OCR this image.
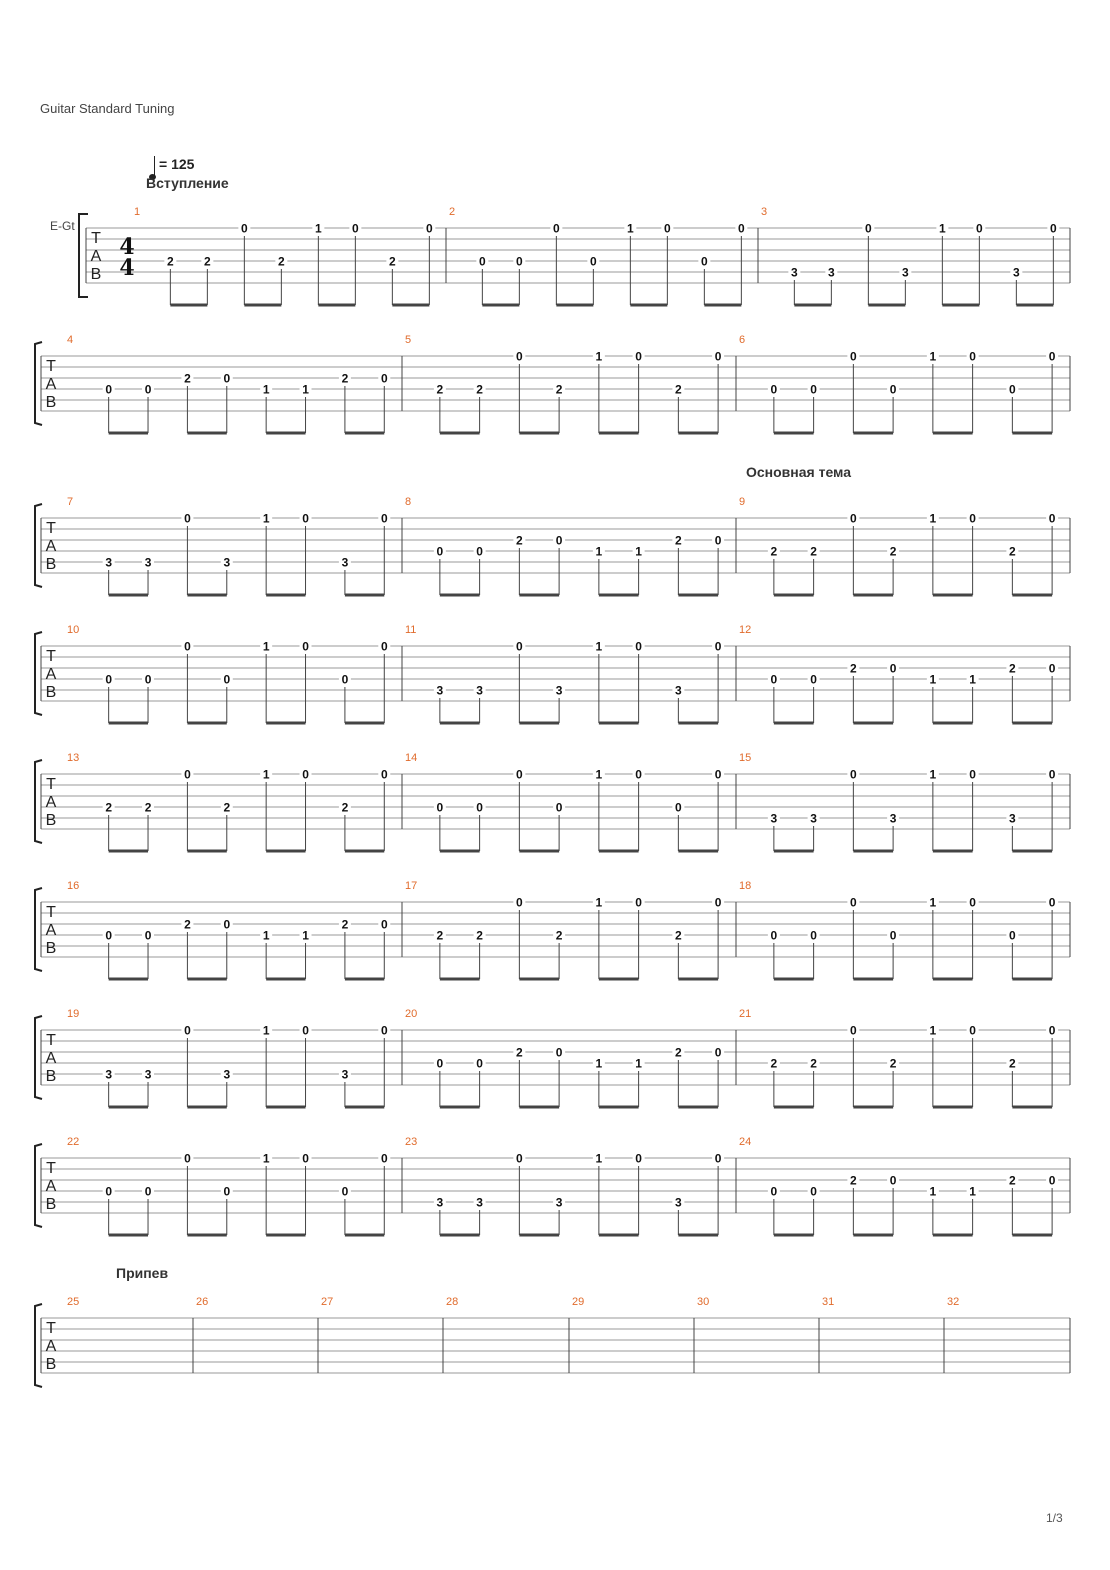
Guitar Standard Tuning
= 125
Вступление
Основная тема
Припев
E-Gt
T
A
B
4
4
1
2	2
0
2
1	0
2
0
2
0	0
0
0
1	0
0
0
3
3	3
0
3
1	0
3
0
T
A
B
4
0	0
2	0
1	1
2	0
5
2	2
0
2
1	0
2
0
6
0	0
0
0
1	0
0
0
T
A
B
7
3	3
0
3
1	0
3
0
8
0	0
2	0
1	1
2	0
9
2	2
0
2
1	0
2
0
T
A
B
10
0	0
0
0
1	0
0
0
11
3	3
0
3
1	0
3
0
12
0	0
2	0
1	1
2	0
T
A
B
13
2	2
0
2
1	0
2
0
14
0	0
0
0
1	0
0
0
15
3	3
0
3
1	0
3
0
T
A
B
16
0	0
2	0
1	1
2	0
17
2	2
0
2
1	0
2
0
18
0	0
0
0
1	0
0
0
T
A
B
19
3	3
0
3
1	0
3
0
20
0	0
2	0
1	1
2	0
21
2	2
0
2
1	0
2
0
T
A
B
22
0	0
0
0
1	0
0
0
23
3	3
0
3
1	0
3
0
24
0	0
2	0
1	1
2	0
T
A
B
25	26	27	28	29	30	31	32
1/3
